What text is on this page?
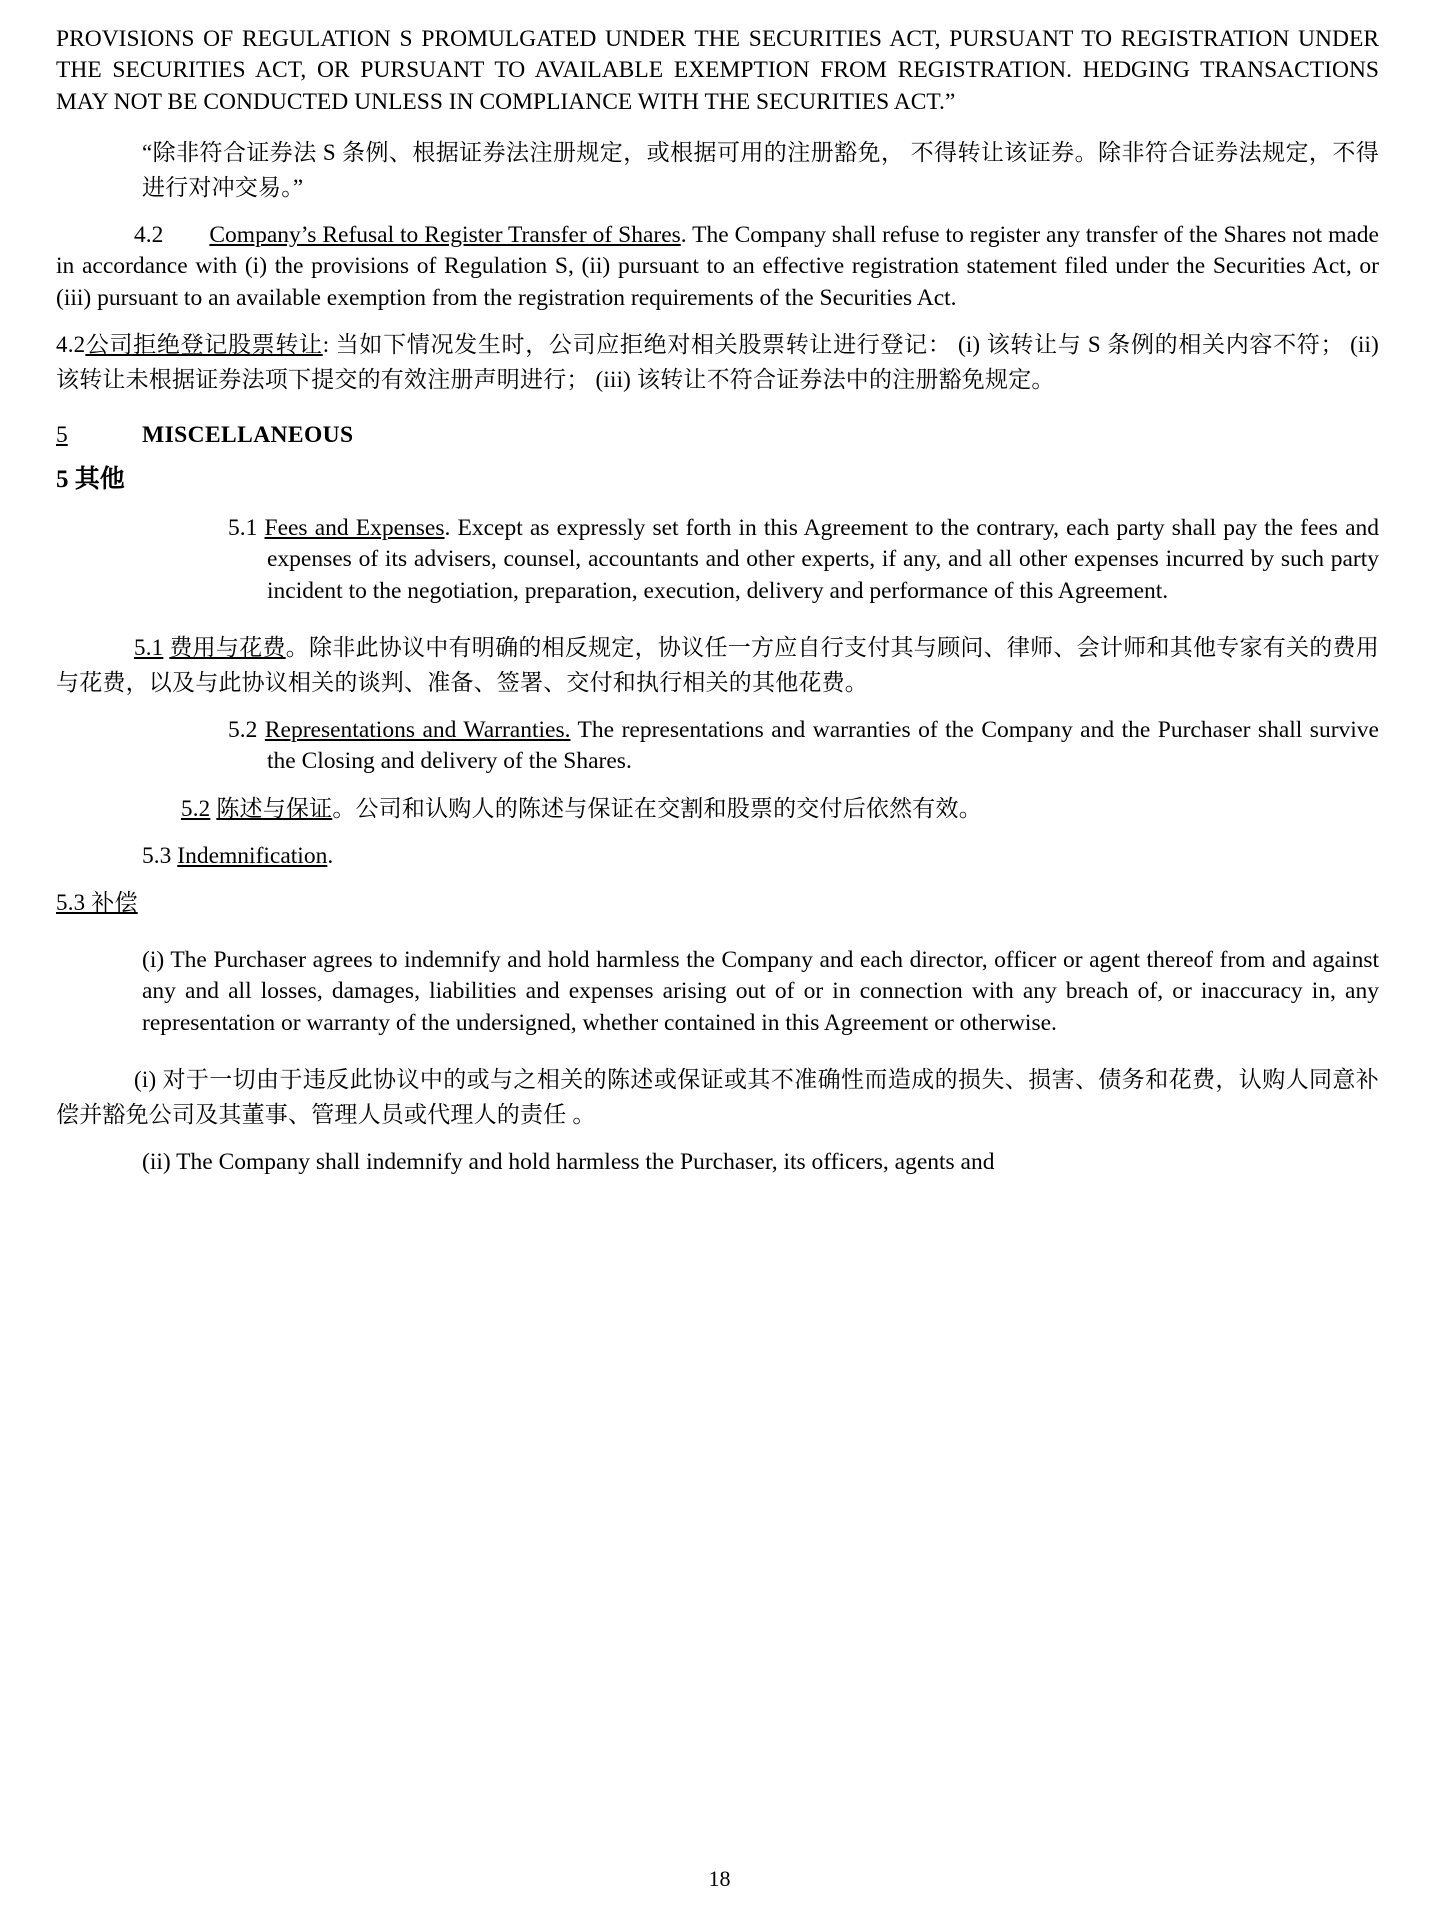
PROVISIONS OF REGULATION S PROMULGATED UNDER THE SECURITIES ACT, PURSUANT TO REGISTRATION UNDER THE SECURITIES ACT, OR PURSUANT TO AVAILABLE EXEMPTION FROM REGISTRATION. HEDGING TRANSACTIONS MAY NOT BE CONDUCTED UNLESS IN COMPLIANCE WITH THE SECURITIES ACT.”

“除非符合证券法 S 条例、根据证券法注册规定，或根据可用的注册豁免， 不得转让该证券。除非符合证券法规定，不得进行对冲交易。”

4.2 Company’s Refusal to Register Transfer of Shares. The Company shall refuse to register any transfer of the Shares not made in accordance with (i) the provisions of Regulation S, (ii) pursuant to an effective registration statement filed under the Securities Act, or (iii) pursuant to an available exemption from the registration requirements of the Securities Act.

4.2公司拒绝登记股票转让: 当如下情况发生时，公司应拒绝对相关股票转让进行登记： (i) 该转让与 S 条例的相关内容不符； (ii) 该转让未根据证券法项下提交的有效注册声明进行； (iii) 该转让不符合证券法中的注册豁免规定。

5	MISCELLANEOUS

5 其他

5.1 Fees and Expenses. Except as expressly set forth in this Agreement to the contrary, each party shall pay the fees and expenses of its advisers, counsel, accountants and other experts, if any, and all other expenses incurred by such party incident to the negotiation, preparation, execution, delivery and performance of this Agreement.

5.1 费用与花费。除非此协议中有明确的相反规定，协议任一方应自行支付其与顾问、律师、会计师和其他专家有关的费用与花费，以及与此协议相关的谈判、准备、签署、交付和执行相关的其他花费。

5.2 Representations and Warranties. The representations and warranties of the Company and the Purchaser shall survive the Closing and delivery of the Shares.

5.2 陈述与保证。公司和认购人的陈述与保证在交割和股票的交付后依然有效。

5.3 Indemnification.

5.3 补偿

(i) The Purchaser agrees to indemnify and hold harmless the Company and each director, officer or agent thereof from and against any and all losses, damages, liabilities and expenses arising out of or in connection with any breach of, or inaccuracy in, any representation or warranty of the undersigned, whether contained in this Agreement or otherwise.

(i) 对于一切由于违反此协议中的或与之相关的陈述或保证或其不准确性而造成的损失、损害、债务和花费，认购人同意补偿并豁免公司及其董事、管理人员或代理人的责任 。

(ii) The Company shall indemnify and hold harmless the Purchaser, its officers, agents and

18
